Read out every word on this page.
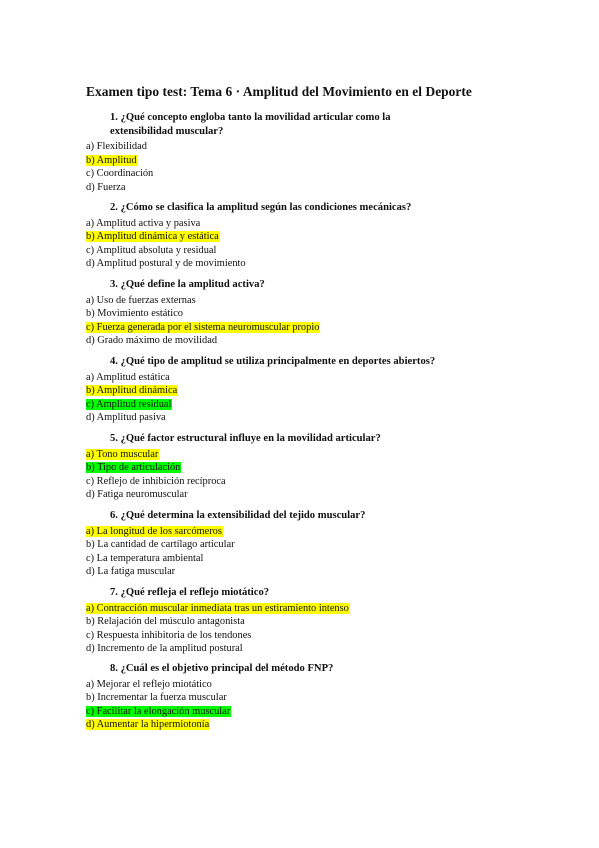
Examen tipo test: Tema 6 · Amplitud del Movimiento en el Deporte
1. ¿Qué concepto engloba tanto la movilidad articular como la
extensibilidad muscular?
a) Flexibilidad
b) Amplitud
c) Coordinación
d) Fuerza
2. ¿Cómo se clasifica la amplitud según las condiciones mecánicas?
a) Amplitud activa y pasiva
b) Amplitud dinámica y estática
c) Amplitud absoluta y residual
d) Amplitud postural y de movimiento
3. ¿Qué define la amplitud activa?
a) Uso de fuerzas externas
b) Movimiento estático
c) Fuerza generada por el sistema neuromuscular propio
d) Grado máximo de movilidad
4. ¿Qué tipo de amplitud se utiliza principalmente en deportes abiertos?
a) Amplitud estática
b) Amplitud dinámica
c) Amplitud residual
d) Amplitud pasiva
5. ¿Qué factor estructural influye en la movilidad articular?
a) Tono muscular
b) Tipo de articulación
c) Reflejo de inhibición recíproca
d) Fatiga neuromuscular
6. ¿Qué determina la extensibilidad del tejido muscular?
a) La longitud de los sarcómeros
b) La cantidad de cartílago articular
c) La temperatura ambiental
d) La fatiga muscular
7. ¿Qué refleja el reflejo miotático?
a) Contracción muscular inmediata tras un estiramiento intenso
b) Relajación del músculo antagonista
c) Respuesta inhibitoria de los tendones
d) Incremento de la amplitud postural
8. ¿Cuál es el objetivo principal del método FNP?
a) Mejorar el reflejo miotático
b) Incrementar la fuerza muscular
c) Facilitar la elongación muscular
d) Aumentar la hipermiotonía
